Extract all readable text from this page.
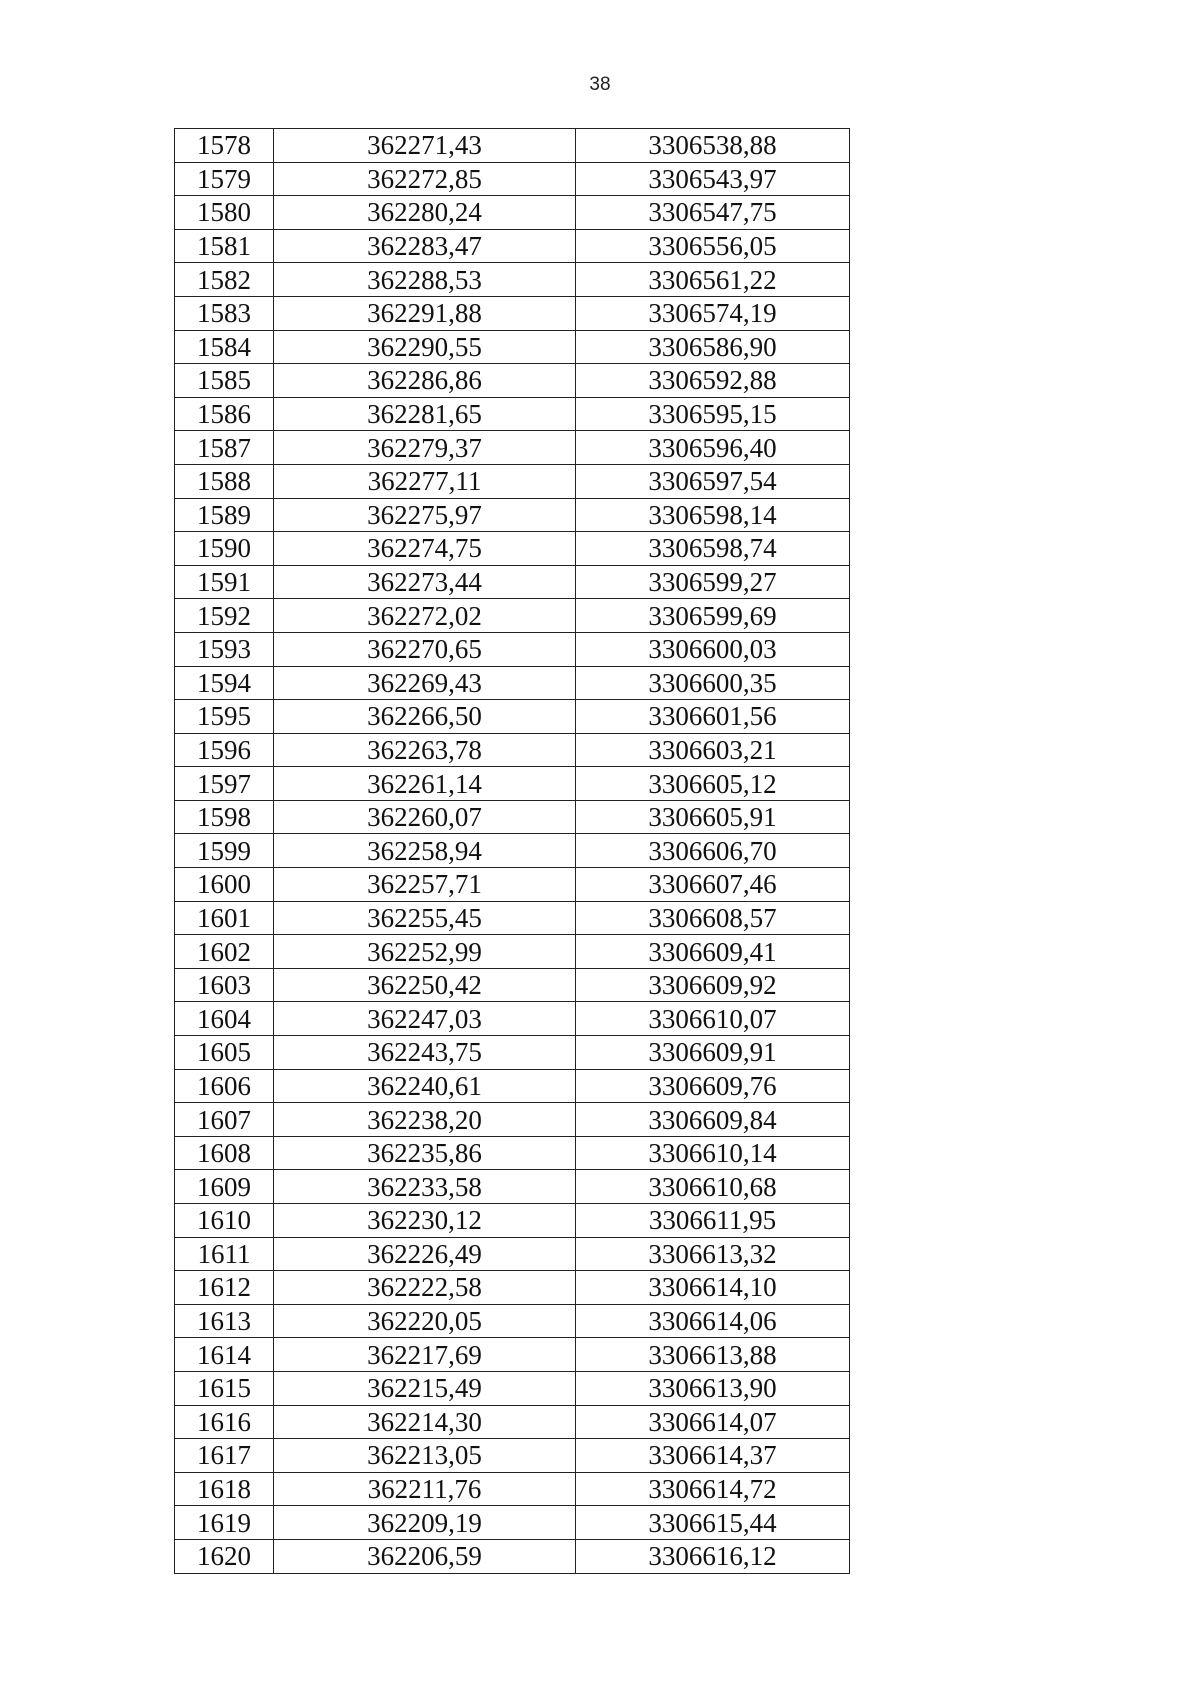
38
1578	362271,43	3306538,88
1579	362272,85	3306543,97
1580	362280,24	3306547,75
1581	362283,47	3306556,05
1582	362288,53	3306561,22
1583	362291,88	3306574,19
1584	362290,55	3306586,90
1585	362286,86	3306592,88
1586	362281,65	3306595,15
1587	362279,37	3306596,40
1588	362277,11	3306597,54
1589	362275,97	3306598,14
1590	362274,75	3306598,74
1591	362273,44	3306599,27
1592	362272,02	3306599,69
1593	362270,65	3306600,03
1594	362269,43	3306600,35
1595	362266,50	3306601,56
1596	362263,78	3306603,21
1597	362261,14	3306605,12
1598	362260,07	3306605,91
1599	362258,94	3306606,70
1600	362257,71	3306607,46
1601	362255,45	3306608,57
1602	362252,99	3306609,41
1603	362250,42	3306609,92
1604	362247,03	3306610,07
1605	362243,75	3306609,91
1606	362240,61	3306609,76
1607	362238,20	3306609,84
1608	362235,86	3306610,14
1609	362233,58	3306610,68
1610	362230,12	3306611,95
1611	362226,49	3306613,32
1612	362222,58	3306614,10
1613	362220,05	3306614,06
1614	362217,69	3306613,88
1615	362215,49	3306613,90
1616	362214,30	3306614,07
1617	362213,05	3306614,37
1618	362211,76	3306614,72
1619	362209,19	3306615,44
1620	362206,59	3306616,12
